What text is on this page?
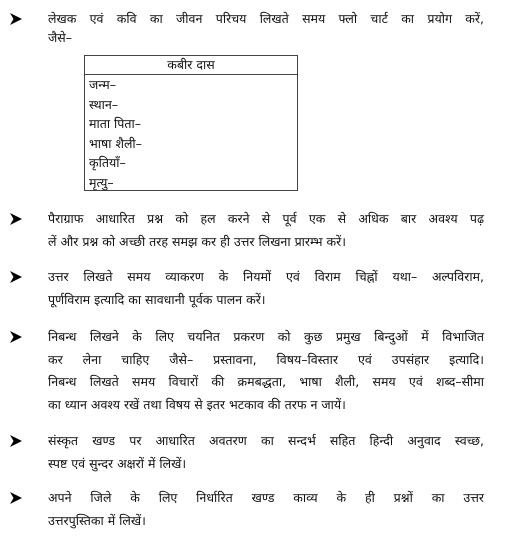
लेखक एवं कवि का जीवन परिचय लिखते समय फ्लो चार्ट का प्रयोग करें,
जैसे–
कबीर दास
जन्म–
स्थान–
माता पिता–
भाषा शैली–
कृतियाँ–
मृत्यु–
पैराग्राफ आधारित प्रश्न को हल करने से पूर्व एक से अधिक बार अवश्य पढ़
लें और प्रश्न को अच्छी तरह समझ कर ही उत्तर लिखना प्रारम्भ करें।
उत्तर लिखते समय व्याकरण के नियमों एवं विराम चिह्नों यथा– अल्पविराम,
पूर्णविराम इत्यादि का सावधानी पूर्वक पालन करें।
निबन्ध लिखने के लिए चयनित प्रकरण को कुछ प्रमुख बिन्दुओं में विभाजित
कर लेना चाहिए जैसे– प्रस्तावना, विषय–विस्तार एवं उपसंहार इत्यादि।
निबन्ध लिखते समय विचारों की क्रमबद्धता, भाषा शैली, समय एवं शब्द–सीमा
का ध्यान अवश्य रखें तथा विषय से इतर भटकाव की तरफ न जायें।
संस्कृत खण्ड पर आधारित अवतरण का सन्दर्भ सहित हिन्दी अनुवाद स्वच्छ,
स्पष्ट एवं सुन्दर अक्षरों में लिखें।
अपने जिले के लिए निर्धारित खण्ड काव्य के ही प्रश्नों का उत्तर
उत्तरपुस्तिका में लिखें।
